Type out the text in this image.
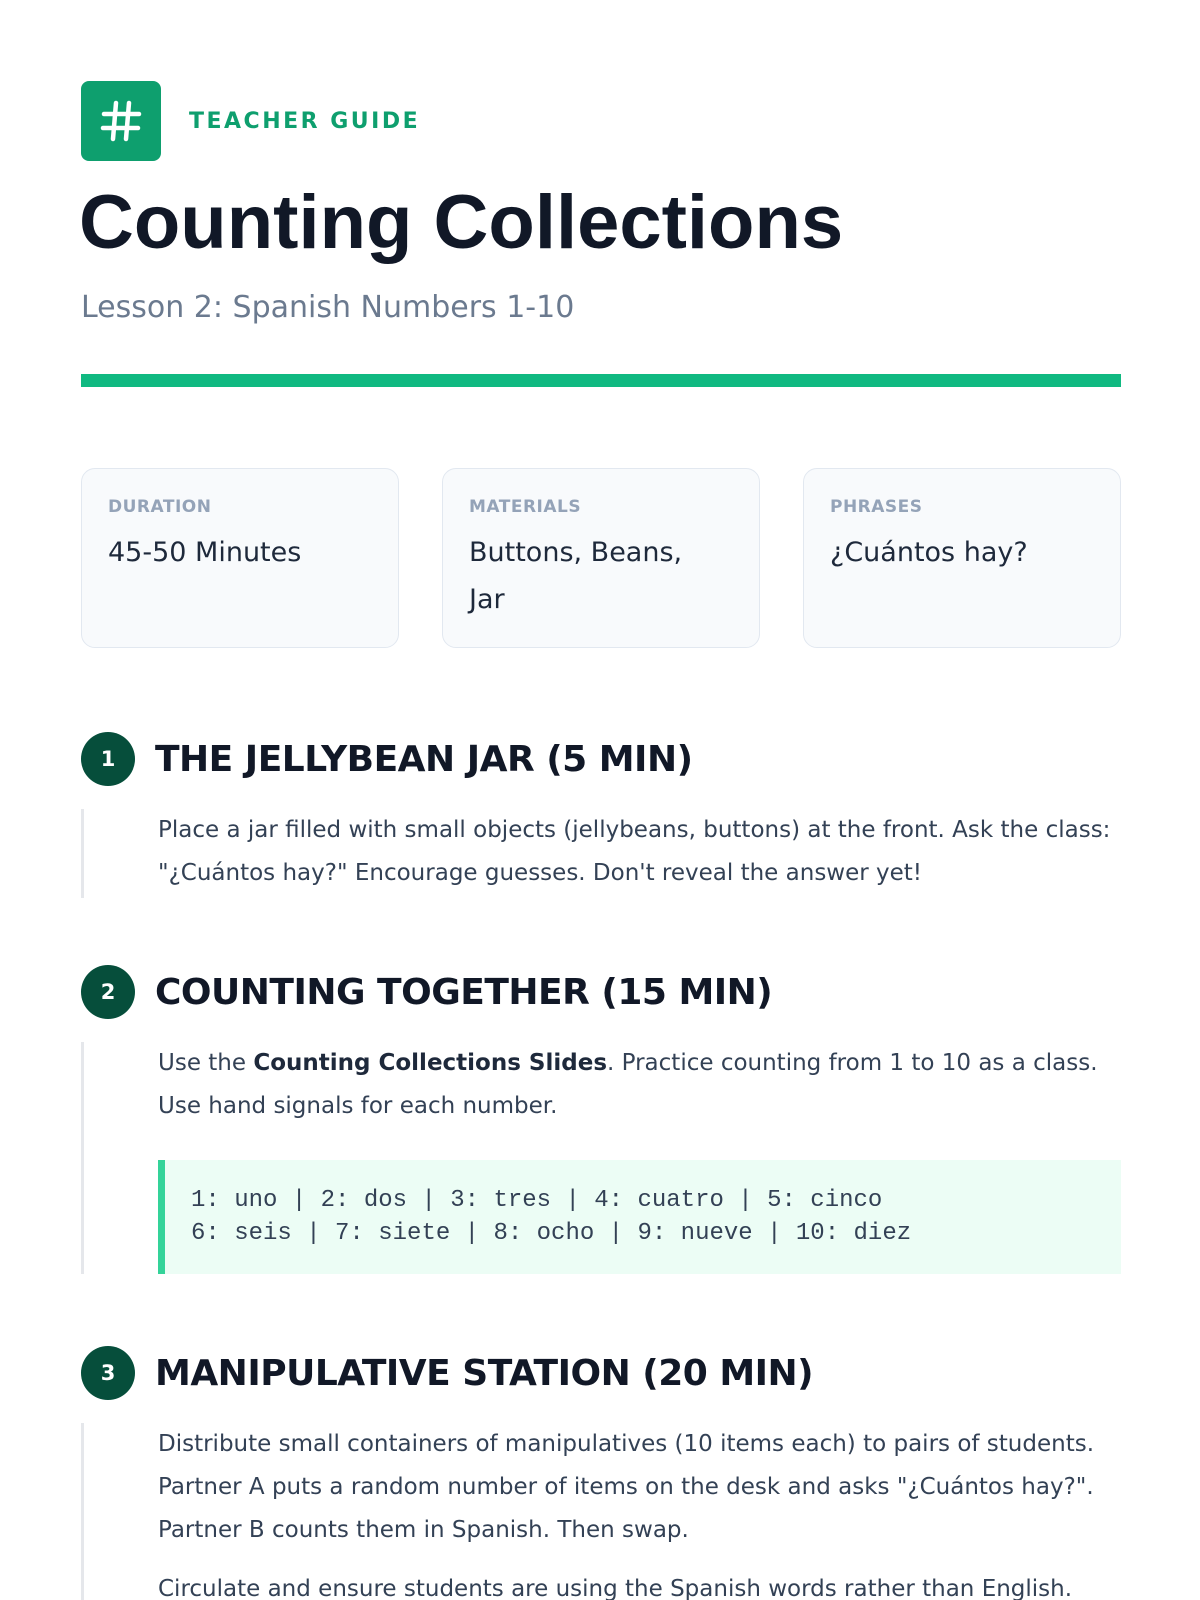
TEACHER GUIDE
Counting Collections
Lesson 2: Spanish Numbers 1-10
DURATION
45-50 Minutes
MATERIALS
Buttons, Beans, Jar
PHRASES
¿Cuántos hay?
1	THE JELLYBEAN JAR (5 MIN)

Place a jar filled with small objects (jellybeans, buttons) at the front. Ask the class: "¿Cuántos hay?" Encourage guesses. Don't reveal the answer yet!

2	COUNTING TOGETHER (15 MIN)

Use the Counting Collections Slides. Practice counting from 1 to 10 as a class. Use hand signals for each number.

1: uno | 2: dos | 3: tres | 4: cuatro | 5: cinco
6: seis | 7: siete | 8: ocho | 9: nueve | 10: diez
3	MANIPULATIVE STATION (20 MIN)

Distribute small containers of manipulatives (10 items each) to pairs of students. Partner A puts a random number of items on the desk and asks "¿Cuántos hay?". Partner B counts them in Spanish. Then swap.

Circulate and ensure students are using the Spanish words rather than English.
